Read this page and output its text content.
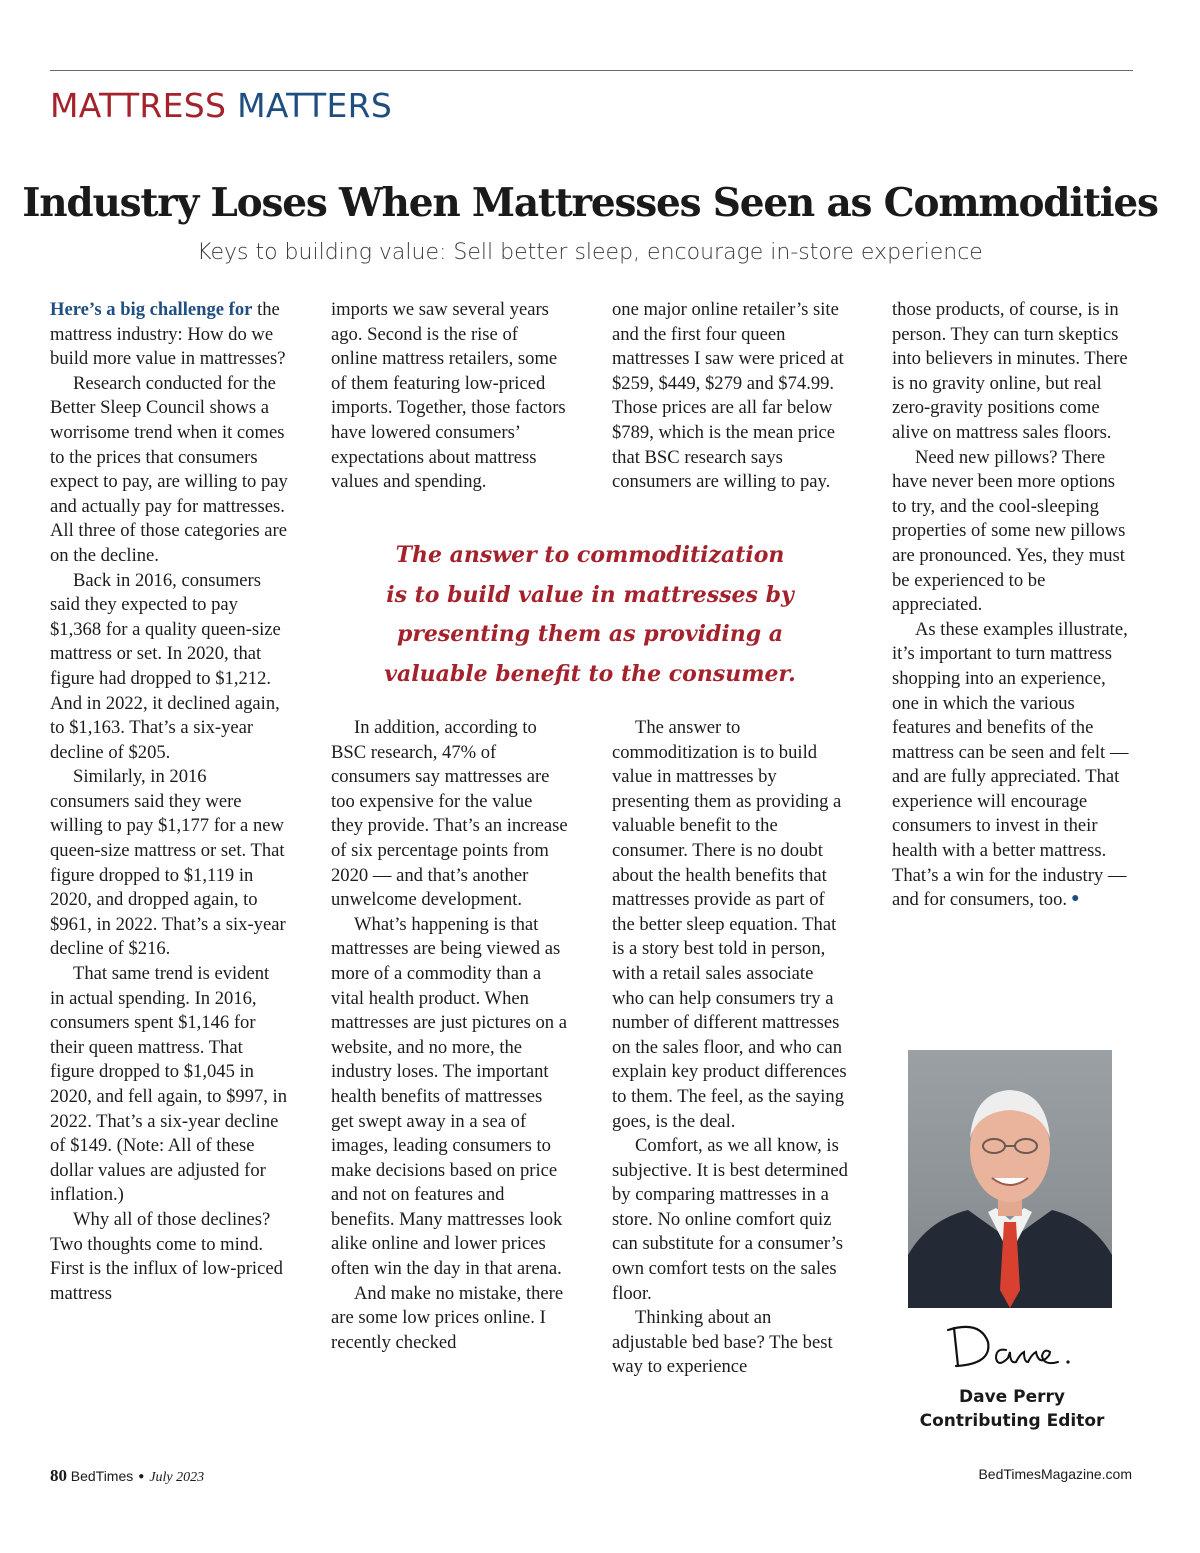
MATTRESS MATTERS
Industry Loses When Mattresses Seen as Commodities
Keys to building value: Sell better sleep, encourage in-store experience

Here’s a big challenge for the mattress industry: How do we build more value in mattresses?

Research conducted for the Better Sleep Council shows a worrisome trend when it comes to the prices that consumers expect to pay, are willing to pay and actually pay for mattresses. All three of those categories are on the decline.

Back in 2016, consumers said they expected to pay $1,368 for a quality queen-size mattress or set. In 2020, that figure had dropped to $1,212. And in 2022, it declined again, to $1,163. That’s a six-year decline of $205.

Similarly, in 2016 consumers said they were willing to pay $1,177 for a new queen-size mattress or set. That figure dropped to $1,119 in 2020, and dropped again, to $961, in 2022. That’s a six-year decline of $216.

That same trend is evident in actual spending. In 2016, consumers spent $1,146 for their queen mattress. That figure dropped to $1,045 in 2020, and fell again, to $997, in 2022. That’s a six-year decline of $149. (Note: All of these dollar values are adjusted for inflation.)

Why all of those declines? Two thoughts come to mind. First is the influx of low-priced mattress

imports we saw several years ago. Second is the rise of online mattress retailers, some of them featuring low-priced imports. Together, those factors have lowered consumers’ expectations about mattress values and spending.

one major online retailer’s site and the first four queen mattresses I saw were priced at $259, $449, $279 and $74.99. Those prices are all far below $789, which is the mean price that BSC research says consumers are willing to pay.

The answer to commoditization
is to build value in mattresses by
presenting them as providing a
valuable benefit to the consumer.

In addition, according to BSC research, 47% of consumers say mattresses are too expensive for the value they provide. That’s an increase of six percentage points from 2020 — and that’s another unwelcome development.

What’s happening is that mattresses are being viewed as more of a commodity than a vital health product. When mattresses are just pictures on a website, and no more, the industry loses. The important health benefits of mattresses get swept away in a sea of images, leading consumers to make decisions based on price and not on features and benefits. Many mattresses look alike online and lower prices often win the day in that arena.

And make no mistake, there are some low prices online. I recently checked

The answer to commoditization is to build value in mattresses by presenting them as providing a valuable benefit to the consumer. There is no doubt about the health benefits that mattresses provide as part of the better sleep equation. That is a story best told in person, with a retail sales associate who can help consumers try a number of different mattresses on the sales floor, and who can explain key product differences to them. The feel, as the saying goes, is the deal.

Comfort, as we all know, is subjective. It is best determined by comparing mattresses in a store. No online comfort quiz can substitute for a consumer’s own comfort tests on the sales floor.

Thinking about an adjustable bed base? The best way to experience

those products, of course, is in person. They can turn skeptics into believers in minutes. There is no gravity online, but real zero-gravity positions come alive on mattress sales floors.

Need new pillows? There have never been more options to try, and the cool-sleeping properties of some new pillows are pronounced. Yes, they must be experienced to be appreciated.

As these examples illustrate, it’s important to turn mattress shopping into an experience, one in which the various features and benefits of the mattress can be seen and felt — and are fully appreciated. That experience will encourage consumers to invest in their health with a better mattress. That’s a win for the industry — and for consumers, too. ●

Dave Perry
Contributing Editor
80 BedTimes ● July 2023	BedTimesMagazine.com
